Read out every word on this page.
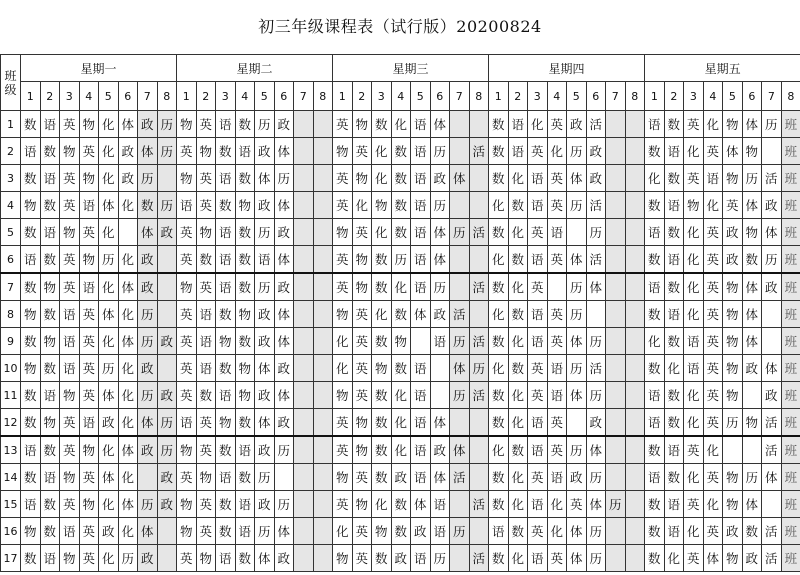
初三年级课程表（试行版）20200824
班级	星期一								星期二								星期三								星期四								星期五							
	1	2	3	4	5	6	7	8	1	2	3	4	5	6	7	8	1	2	3	4	5	6	7	8	1	2	3	4	5	6	7	8	1	2	3	4	5	6	7	8
1	数	语	英	物	化	体	政	历	物	英	语	数	历	政			英	物	数	化	语	体			数	语	化	英	政	活			语	数	英	化	物	体	历	班
2	语	数	物	英	化	政	体	历	英	物	数	语	政	体			物	英	化	数	语	历		活	数	语	英	化	历	政			数	语	化	英	体	物		班
3	数	语	英	物	化	政	历		物	英	语	数	体	历			英	物	化	数	语	政	体		数	化	语	英	体	政			化	数	英	语	物	历	活	班
4	物	数	英	语	体	化	数	历	语	英	数	物	政	体			英	化	物	数	语	历			化	数	语	英	历	活			数	语	物	化	英	体	政	班
5	数	语	物	英	化		体	政	英	物	语	数	历	政			物	英	化	数	语	体	历	活	数	化	英	语		历			语	数	化	英	政	物	体	班
6	语	数	英	物	历	化	政		英	数	语	数	语	体			英	物	数	历	语	体			化	数	语	英	体	活			数	语	化	英	政	数	历	班
7	数	物	英	语	化	体	政		物	英	语	数	历	政			英	物	数	化	语	历		活	数	化	英		历	体			语	数	化	英	物	体	政	班
8	物	数	语	英	体	化	历		英	语	数	物	政	体			物	英	化	数	体	政	活		化	数	语	英	历				数	语	化	英	物	体		班
9	数	物	语	英	化	体	历	政	英	语	物	数	政	体			化	英	数	物		语	历	活	数	化	语	英	体	历			化	数	语	英	物	体		班
10	物	数	语	英	历	化	政		英	语	数	物	体	政			化	英	物	数	语		体	历	化	数	英	语	历	活			数	化	语	英	物	政	体	班
11	数	语	物	英	体	化	历	政	英	数	语	物	政	体			物	英	数	化	语		历	活	数	化	英	语	体	历			语	数	化	英	物		政	班
12	数	物	英	语	政	化	体	历	语	英	物	数	体	政			英	物	数	化	语	体			数	化	语	英		政			语	数	化	英	历	物	活	班
13	语	数	英	物	化	体	政	历	物	英	数	语	政	历			英	物	数	化	语	政	体		化	数	语	英	历	体			数	语	英	化			活	班
14	数	语	物	英	体	化		政	英	物	语	数	历				物	英	数	政	语	体	活		数	化	英	语	政	历			语	数	化	英	物	历	体	班
15	语	数	英	物	化	体	历	政	物	英	数	语	政	历			英	物	化	数	体	语		活	数	化	语	化	英	体	历		数	语	英	化	物	体		班
16	物	数	语	英	政	化	体		物	英	数	语	历	体			化	英	物	数	政	语	历		语	数	英	化	体	历			数	语	化	英	政	数	活	班
17	数	语	物	英	化	历	政		英	物	语	数	体	政			物	英	数	政	语	历		活	数	化	语	英	体	历			数	化	英	体	物	政	活	班
